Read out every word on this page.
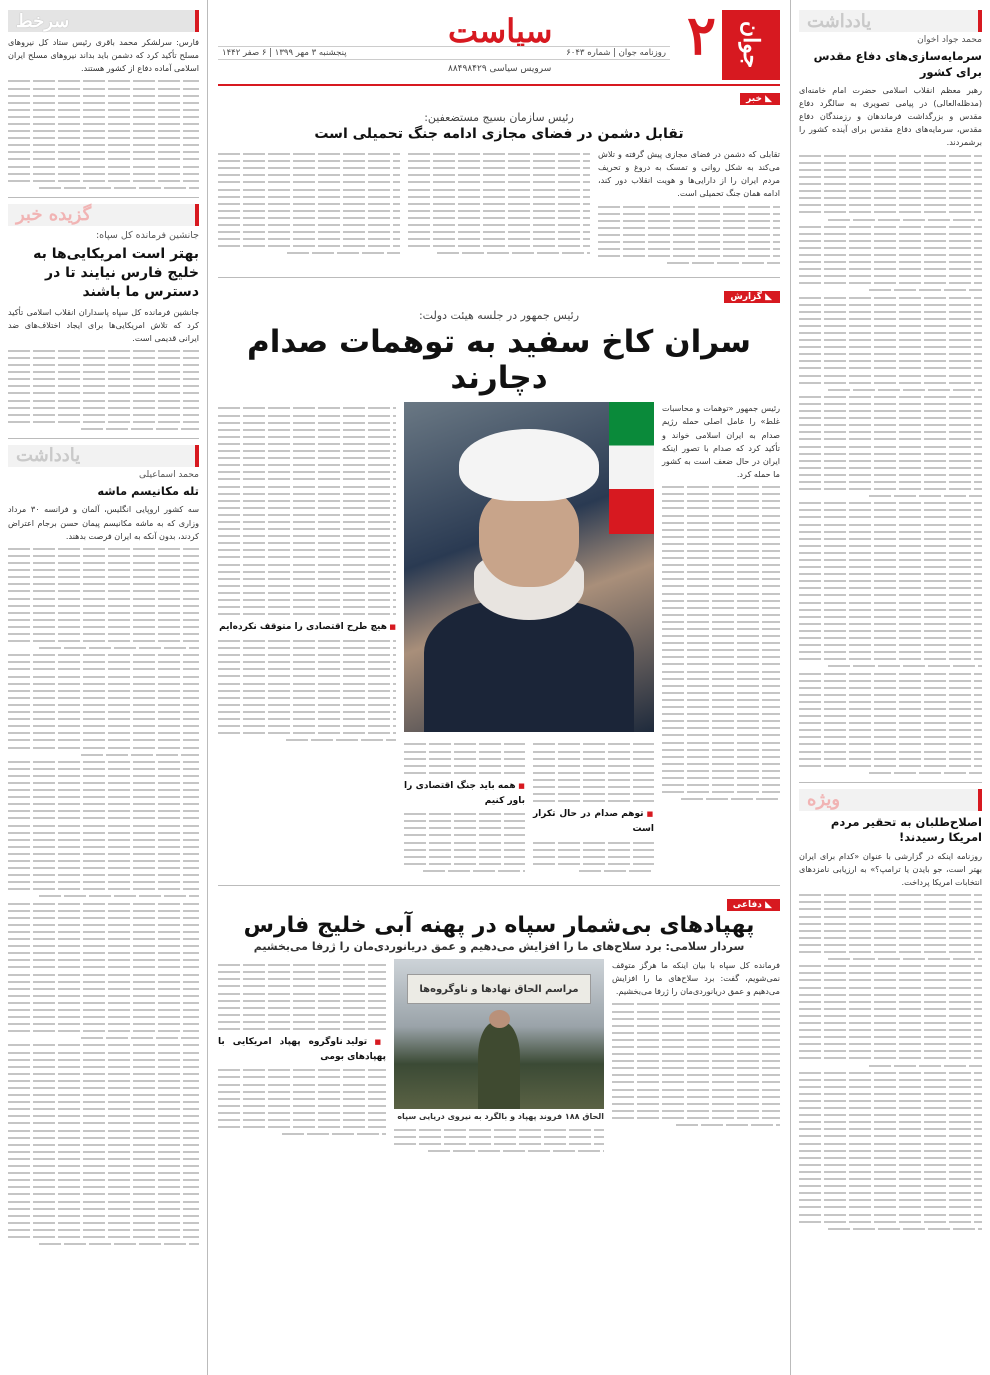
یادداشت
محمد جواد اخوان
سرمایه‌سازی‌های دفاع مقدس برای کشور

رهبر معظم انقلاب اسلامی حضرت امام خامنه‌ای (مدظله‌العالی) در پیامی تصویری به سالگرد دفاع مقدس و بزرگداشت فرماندهان و رزمندگان دفاع مقدس، سرمایه‌های دفاع مقدس برای آینده کشور را برشمردند.

ویژه
اصلاح‌طلبان به تحقیر مردم امریکا رسیدند!

روزنامه اینکه در گزارشی با عنوان «کدام برای ایران بهتر است، جو بایدن یا ترامپ؟» به ارزیابی نامزدهای انتخابات امریکا پرداخت.

جوان
۲
سیاست
روزنامه جوان | شماره ۶۰۴۳
پنجشنبه ۳ مهر ۱۳۹۹ | ۶ صفر ۱۴۴۲
سرویس سیاسی ۸۸۴۹۸۴۲۹
◣
خبر
رئیس سازمان بسیج مستضعفین:
تقابل دشمن در فضای مجازی ادامه جنگ تحمیلی است

تقابلی که دشمن در فضای مجازی پیش گرفته و تلاش می‌کند به شکل روانی و تمسک به دروغ و تحریف مردم ایران را از دارایی‌ها و هویت انقلاب دور کند، ادامه همان جنگ تحمیلی است.

◣
گزارش
رئیس جمهور در جلسه هیئت دولت:
سران کاخ سفید به توهمات صدام دچارند

رئیس جمهور «توهمات و محاسبات غلط» را عامل اصلی حمله رژیم صدام به ایران اسلامی خواند و تأکید کرد که صدام با تصور اینکه ایران در حال ضعف است به کشور ما حمله کرد.

■ توهم صدام در حال تکرار است
■ همه باید جنگ اقتصادی را باور کنیم
■ هیچ طرح اقتصادی را متوقف نکرده‌ایم
◣
دفاعی
پهپادهای بی‌شمار سپاه در پهنه آبی خلیج فارس
سردار سلامی: برد سلاح‌های ما را افزایش می‌دهیم و عمق دریانوردی‌مان را ژرفا می‌بخشیم

فرمانده کل سپاه با بیان اینکه ما هرگز متوقف نمی‌شویم، گفت: برد سلاح‌های ما را افزایش می‌دهیم و عمق دریانوردی‌مان را ژرفا می‌بخشیم.

مراسم الحاق نهادها و ناوگروه‌ها
الحاق ۱۸۸ فروند پهپاد و بالگرد به نیروی دریایی سپاه
■ تولید ناوگروه پهپاد امریکایی با پهپادهای بومی
سرخط

فارس: سرلشکر محمد باقری رئیس ستاد کل نیروهای مسلح تأکید کرد که دشمن باید بداند نیروهای مسلح ایران اسلامی آماده دفاع از کشور هستند.

گزیده خبر
جانشین فرمانده کل سپاه:
بهتر است امریکایی‌ها به خلیج فارس نیایند تا در دسترس ما باشند

جانشین فرمانده کل سپاه پاسداران انقلاب اسلامی تأکید کرد که تلاش امریکایی‌ها برای ایجاد اختلاف‌های ضد ایرانی قدیمی است.

یادداشت
محمد اسماعیلی
تله مکانیسم ماشه

سه کشور اروپایی انگلیس، آلمان و فرانسه ۳۰ مرداد وزاری که به ماشه مکانیسم پیمان حسن برجام اعتراض کردند، بدون آنکه به ایران فرصت بدهند.
